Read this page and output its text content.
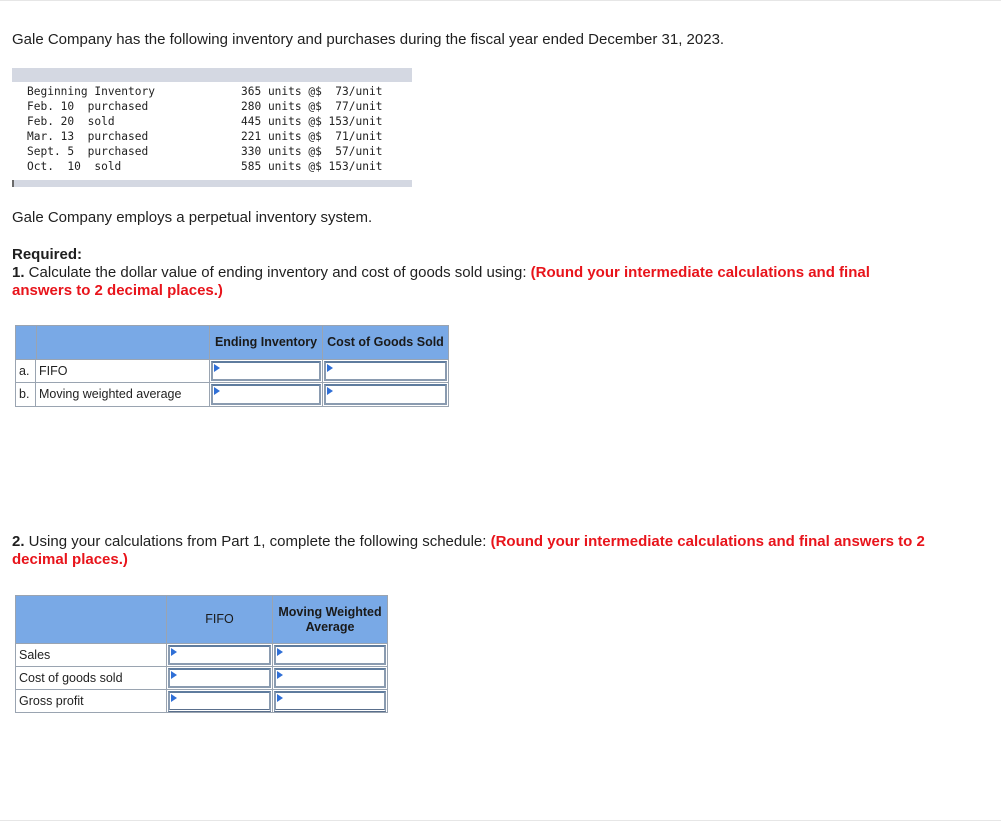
Gale Company has the following inventory and purchases during the fiscal year ended December 31, 2023.
Beginning Inventory
Feb. 10  purchased
Feb. 20  sold
Mar. 13  purchased
Sept. 5  purchased
Oct.  10  sold
365 units @$  73/unit
280 units @$  77/unit
445 units @$ 153/unit
221 units @$  71/unit
330 units @$  57/unit
585 units @$ 153/unit
Gale Company employs a perpetual inventory system.
Required:
1. Calculate the dollar value of ending inventory and cost of goods sold using: (Round your intermediate calculations and final
answers to 2 decimal places.)
Ending Inventory Cost of Goods Sold
a. FIFO
b. Moving weighted average
2. Using your calculations from Part 1, complete the following schedule: (Round your intermediate calculations and final answers to 2
decimal places.)
FIFO
Moving Weighted Average
Sales
Cost of goods sold
Gross profit
